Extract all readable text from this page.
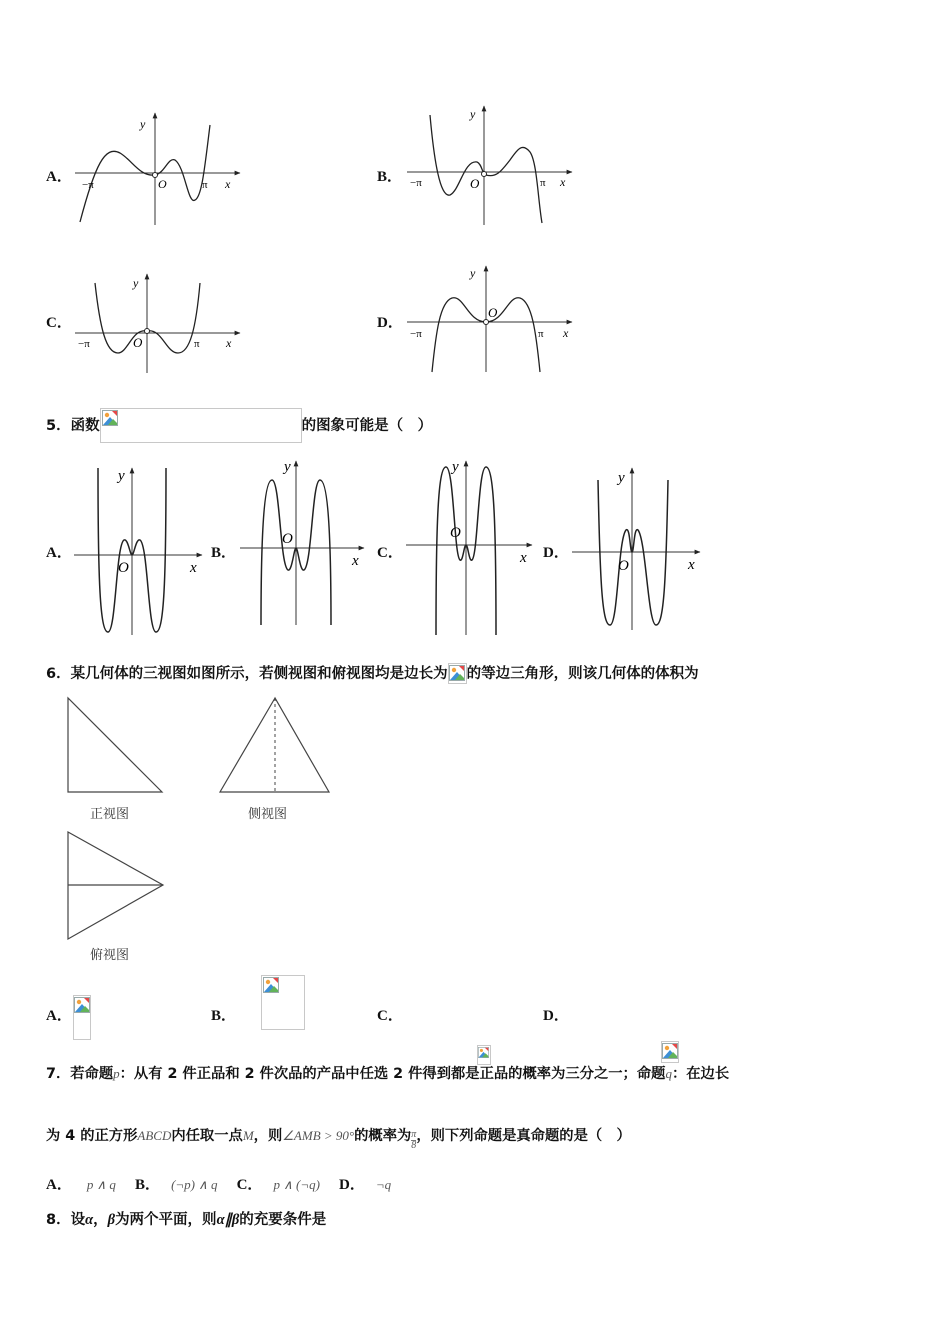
A．
y
x
O
−π	π	B．
y
x
O
−π	π
C．
y
x
O
−π	π
D．
y
x
O
−π	π
5．函数	的图象可能是（　）
A．
y
x
O
B．
y
x
O
C．
y
x
O
D．
y
x
O
6．某几何体的三视图如图所示，若侧视图和俯视图均是边长为 的等边三角形，则该几何体的体积为
正视图	侧视图
俯视图
A．
	B．
	C．
	D．
7．若命题p：从有 2 件正品和 2 件次品的产品中任选 2 件得到都是正品的概率为三分之一；命题q：在边长
为 4 的正方形ABCD内任取一点M，则∠AMB > 90°的概率为 $\frac{\pi}{8}$ ，则下列命题是真命题的是（　）
A． p ∧ q B． (¬p) ∧ q C． p ∧ (¬q) D． ¬q
8．设α，β为两个平面，则α∥β的充要条件是
